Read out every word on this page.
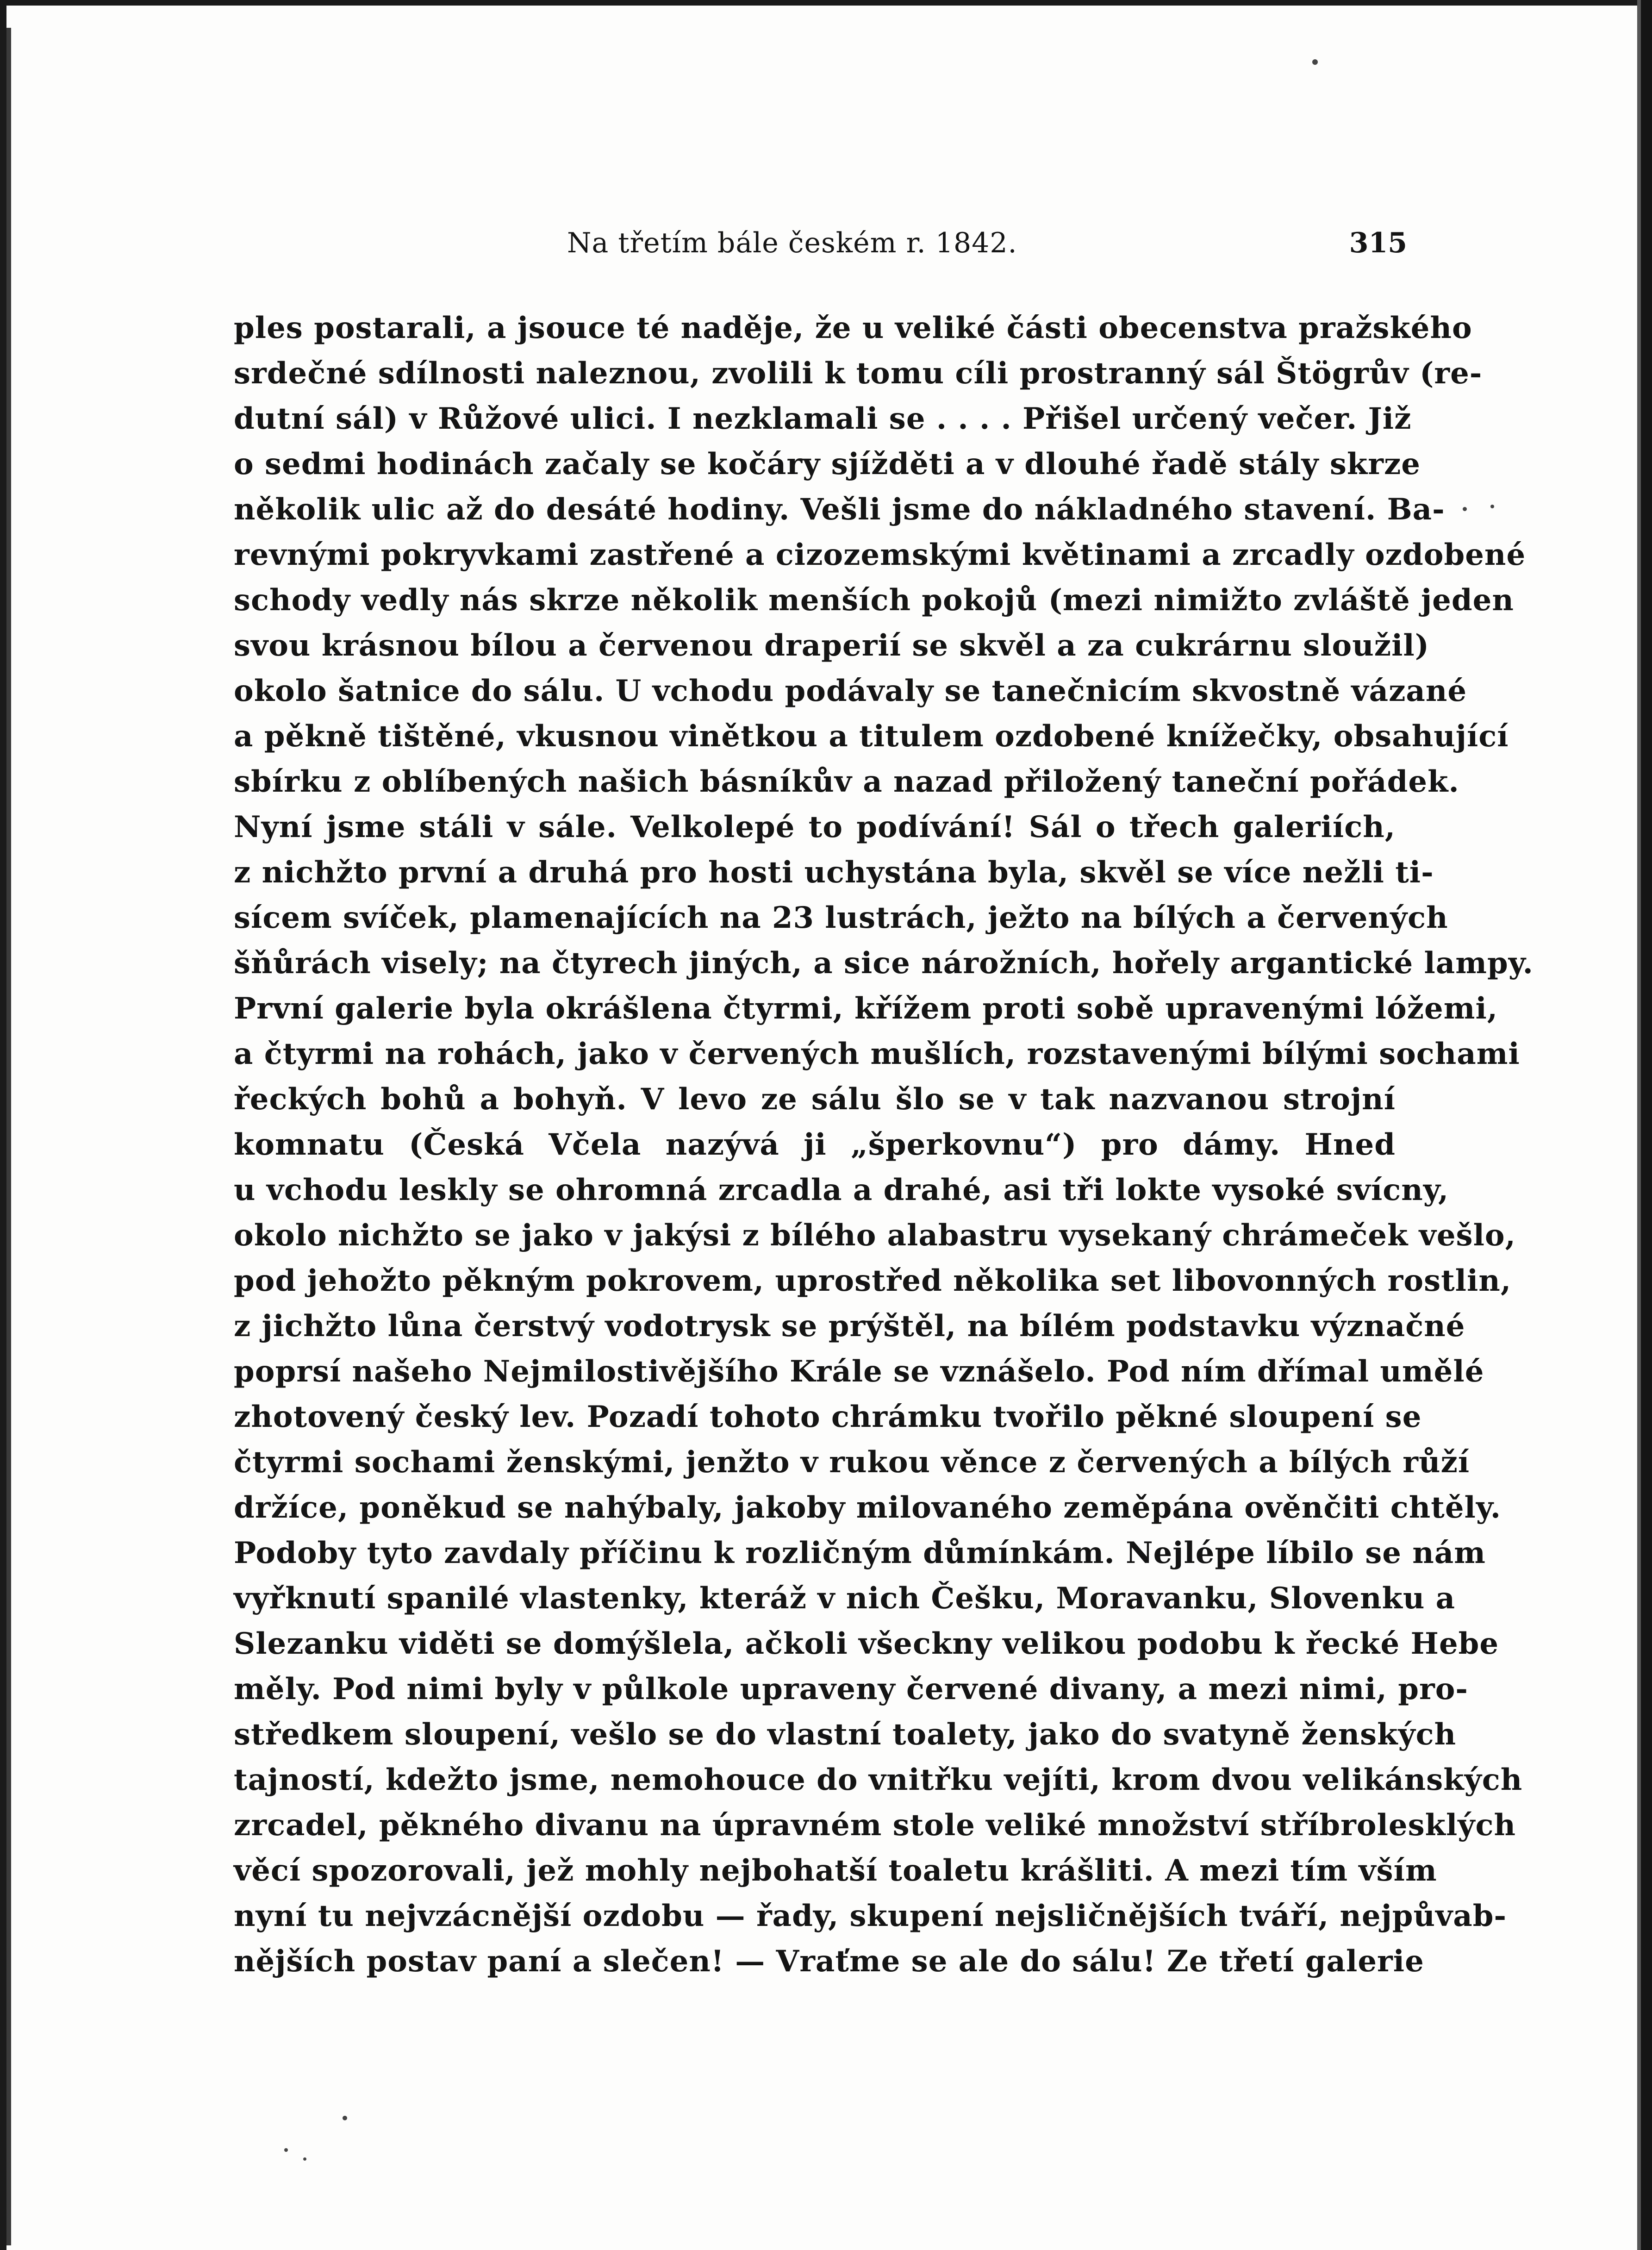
Na třetím bále českém r. 1842.	315
ples postarali, a jsouce té naděje, že u veliké části obecenstva pražského
srdečné sdílnosti naleznou, zvolili k tomu cíli prostranný sál Štögrův (re-
dutní sál) v Růžové ulici. I nezklamali se . . . . Přišel určený večer. Již
o sedmi hodinách začaly se kočáry sjížděti a v dlouhé řadě stály skrze
několik ulic až do desáté hodiny. Vešli jsme do nákladného stavení. Ba-
revnými pokryvkami zastřené a cizozemskými květinami a zrcadly ozdobené
schody vedly nás skrze několik menších pokojů (mezi nimižto zvláště jeden
svou krásnou bílou a červenou draperií se skvěl a za cukrárnu sloužil)
okolo šatnice do sálu. U vchodu podávaly se tanečnicím skvostně vázané
a pěkně tištěné, vkusnou vinětkou a titulem ozdobené knížečky, obsahující
sbírku z oblíbených našich básníkův a nazad přiložený taneční pořádek.
Nyní jsme stáli v sále. Velkolepé to podívání! Sál o třech galeriích,
z nichžto první a druhá pro hosti uchystána byla, skvěl se více nežli ti-
sícem svíček, plamenajících na 23 lustrách, ježto na bílých a červených
šňůrách visely; na čtyrech jiných, a sice nárožních, hořely argantické lampy.
První galerie byla okrášlena čtyrmi, křížem proti sobě upravenými lóžemi,
a čtyrmi na rohách, jako v červených mušlích, rozstavenými bílými sochami
řeckých bohů a bohyň. V levo ze sálu šlo se v tak nazvanou strojní
komnatu (Česká Včela nazývá ji „šperkovnu“) pro dámy. Hned
u vchodu leskly se ohromná zrcadla a drahé, asi tři lokte vysoké svícny,
okolo nichžto se jako v jakýsi z bílého alabastru vysekaný chrámeček vešlo,
pod jehožto pěkným pokrovem, uprostřed několika set libovonných rostlin,
z jichžto lůna čerstvý vodotrysk se prýštěl, na bílém podstavku význačné
poprsí našeho Nejmilostivějšího Krále se vznášelo. Pod ním dřímal umělé
zhotovený český lev. Pozadí tohoto chrámku tvořilo pěkné sloupení se
čtyrmi sochami ženskými, jenžto v rukou věnce z červených a bílých růží
držíce, poněkud se nahýbaly, jakoby milovaného zeměpána ověnčiti chtěly.
Podoby tyto zavdaly příčinu k rozličným důmínkám. Nejlépe líbilo se nám
vyřknutí spanilé vlastenky, kteráž v nich Češku, Moravanku, Slovenku a
Slezanku viděti se domýšlela, ačkoli všeckny velikou podobu k řecké Hebe
měly. Pod nimi byly v půlkole upraveny červené divany, a mezi nimi, pro-
středkem sloupení, vešlo se do vlastní toalety, jako do svatyně ženských
tajností, kdežto jsme, nemohouce do vnitřku vejíti, krom dvou velikánských
zrcadel, pěkného divanu na úpravném stole veliké množství stříbrolesklých
věcí spozorovali, jež mohly nejbohatší toaletu krášliti. A mezi tím vším
nyní tu nejvzácnější ozdobu — řady, skupení nejsličnějších tváří, nejpůvab-
nějších postav paní a slečen! — Vraťme se ale do sálu! Ze třetí galerie
